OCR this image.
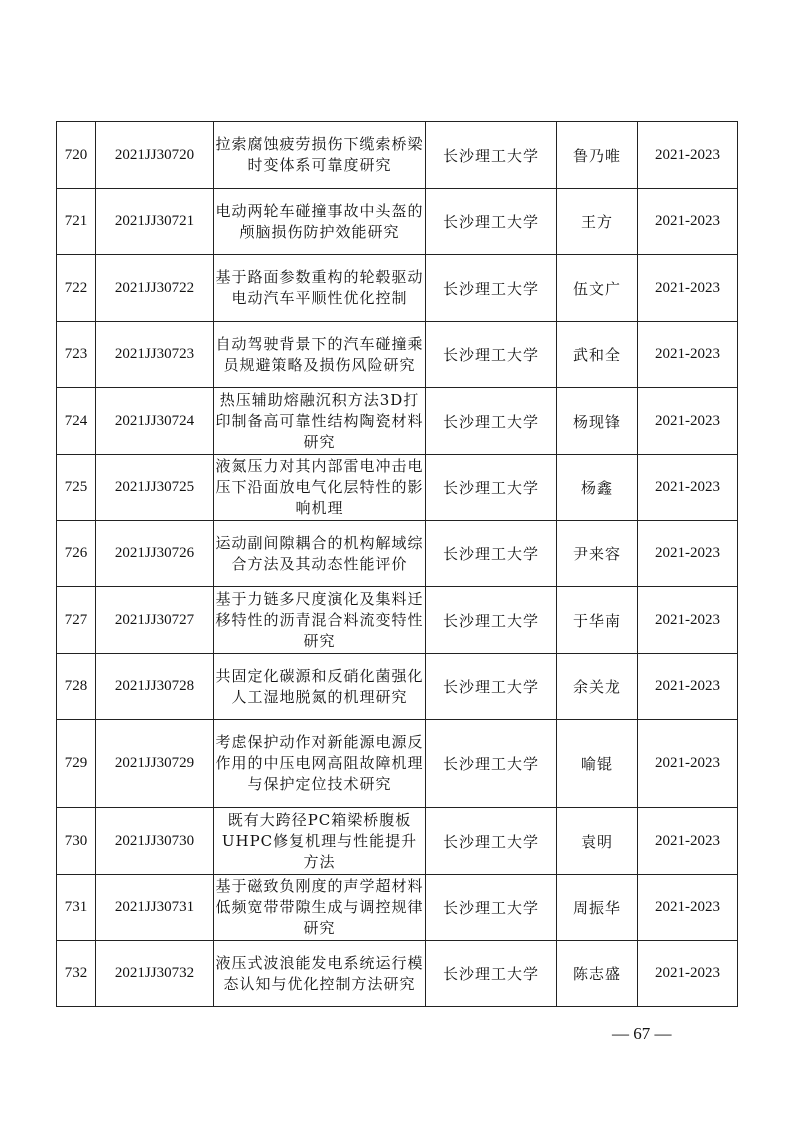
720	2021JJ30720	拉索腐蚀疲劳损伤下缆索桥梁时变体系可靠度研究	长沙理工大学	鲁乃唯	2021-2023
721	2021JJ30721	电动两轮车碰撞事故中头盔的颅脑损伤防护效能研究	长沙理工大学	王方	2021-2023
722	2021JJ30722	基于路面参数重构的轮毂驱动电动汽车平顺性优化控制	长沙理工大学	伍文广	2021-2023
723	2021JJ30723	自动驾驶背景下的汽车碰撞乘员规避策略及损伤风险研究	长沙理工大学	武和全	2021-2023
724	2021JJ30724	热压辅助熔融沉积方法3D打印制备高可靠性结构陶瓷材料研究	长沙理工大学	杨现锋	2021-2023
725	2021JJ30725	液氮压力对其内部雷电冲击电压下沿面放电气化层特性的影响机理	长沙理工大学	杨鑫	2021-2023
726	2021JJ30726	运动副间隙耦合的机构解域综合方法及其动态性能评价	长沙理工大学	尹来容	2021-2023
727	2021JJ30727	基于力链多尺度演化及集料迁移特性的沥青混合料流变特性研究	长沙理工大学	于华南	2021-2023
728	2021JJ30728	共固定化碳源和反硝化菌强化人工湿地脱氮的机理研究	长沙理工大学	余关龙	2021-2023
729	2021JJ30729	考虑保护动作对新能源电源反作用的中压电网高阻故障机理与保护定位技术研究	长沙理工大学	喻锟	2021-2023
730	2021JJ30730	既有大跨径PC箱梁桥腹板UHPC修复机理与性能提升方法	长沙理工大学	袁明	2021-2023
731	2021JJ30731	基于磁致负刚度的声学超材料低频宽带带隙生成与调控规律研究	长沙理工大学	周振华	2021-2023
732	2021JJ30732	液压式波浪能发电系统运行模态认知与优化控制方法研究	长沙理工大学	陈志盛	2021-2023
— 67 —
